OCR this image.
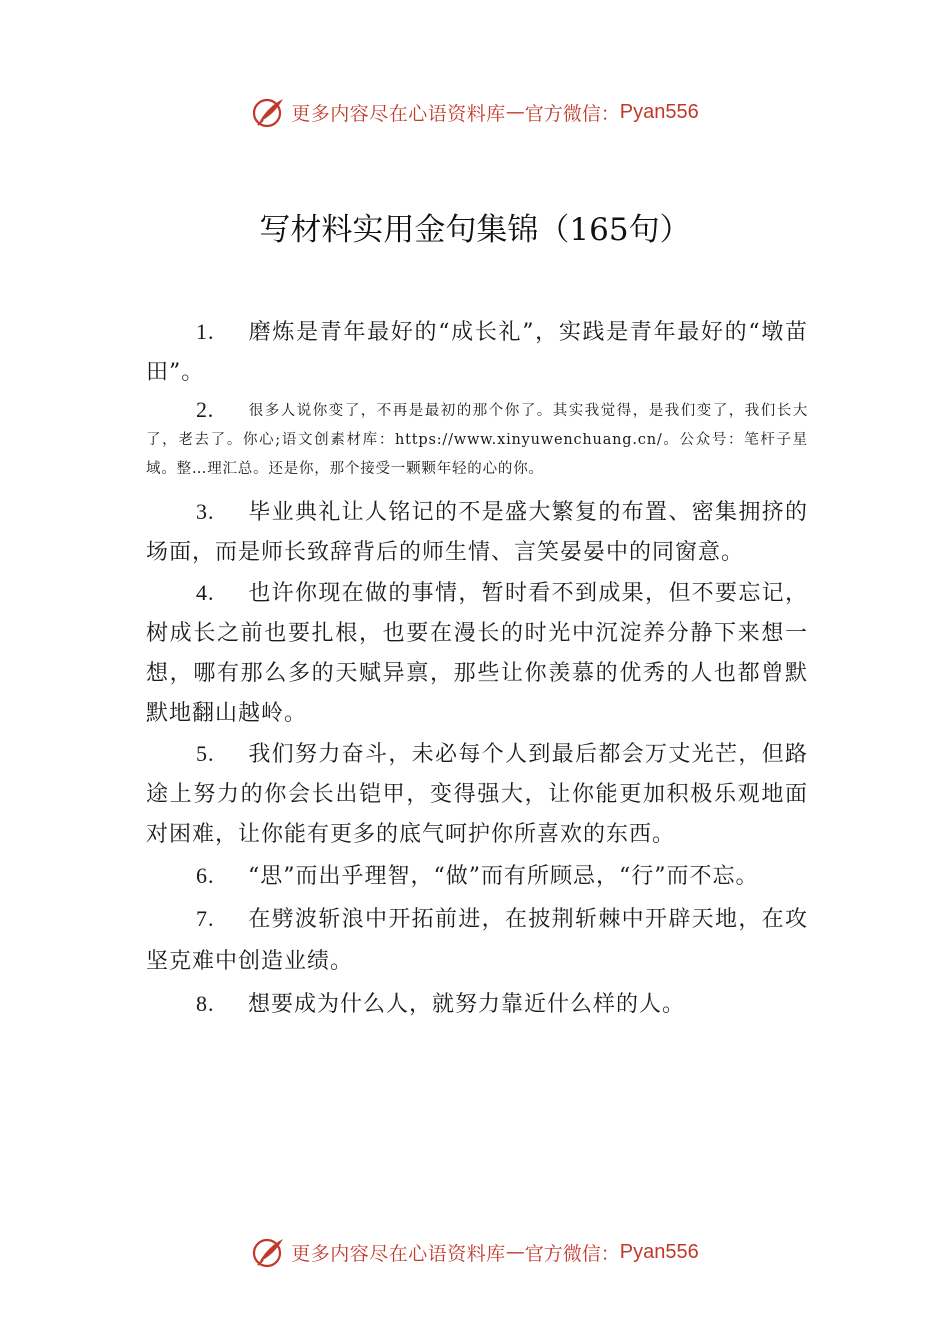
更多内容尽在心语资料库 — 官方微信： Pyan556
写材料实用金句集锦（165句）

1. 磨炼是青年最好的“成长礼”，实践是青年最好的“墩苗田”。

2. 很多人说你变了，不再是最初的那个你了。其实我觉得，是我们变了，我们长大了，老去了。你心;语文创素材库：https://www.xinyuwenchuang.cn/。公众号：笔杆子星域。整…理汇总。还是你，那个接受一颗颗年轻的心的你。

3. 毕业典礼让人铭记的不是盛大繁复的布置、密集拥挤的场面，而是师长致辞背后的师生情、言笑晏晏中的同窗意。

4. 也许你现在做的事情，暂时看不到成果，但不要忘记，树成长之前也要扎根，也要在漫长的时光中沉淀养分静下来想一想，哪有那么多的天赋异禀，那些让你羡慕的优秀的人也都曾默默地翻山越岭。

5. 我们努力奋斗，未必每个人到最后都会万丈光芒，但路途上努力的你会长出铠甲，变得强大，让你能更加积极乐观地面对困难，让你能有更多的底气呵护你所喜欢的东西。

6. “思”而出乎理智，“做”而有所顾忌，“行”而不忘。

7. 在劈波斩浪中开拓前进，在披荆斩棘中开辟天地，在攻坚克难中创造业绩。

8. 想要成为什么人，就努力靠近什么样的人。

更多内容尽在心语资料库 — 官方微信： Pyan556
